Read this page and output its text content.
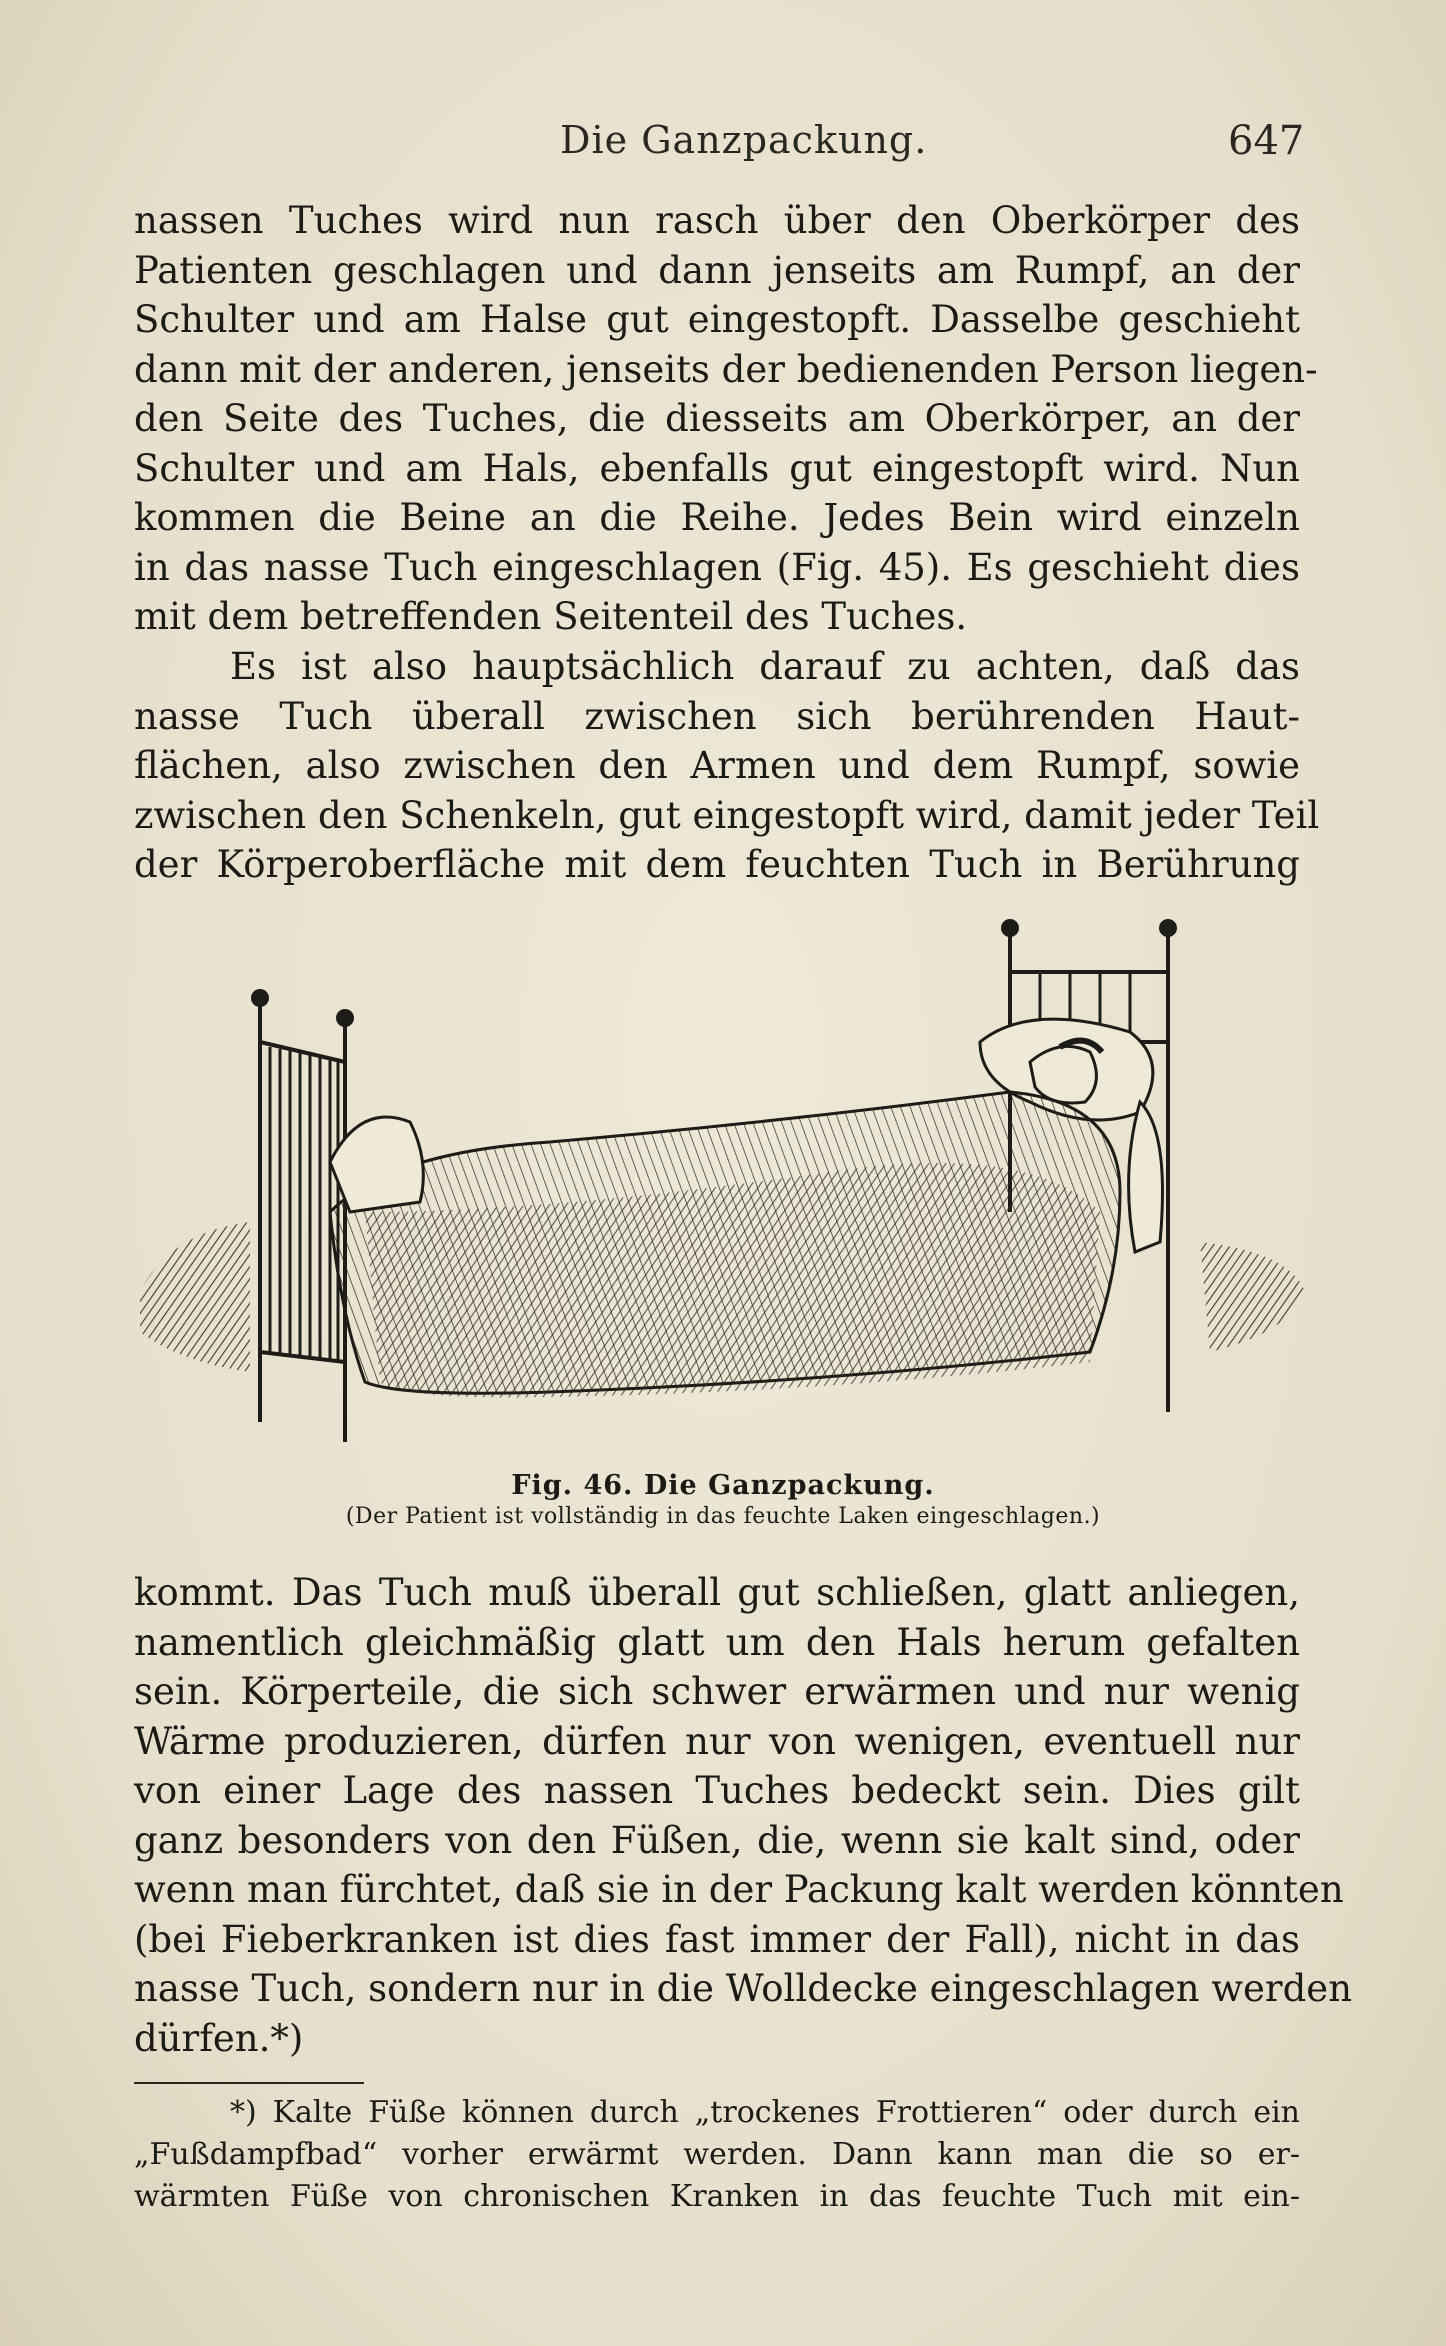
Die Ganzpackung.	647
nassen Tuches wird nun rasch über den Oberkörper des
Patienten geschlagen und dann jenseits am Rumpf, an der
Schulter und am Halse gut eingestopft. Dasselbe geschieht
dann mit der anderen, jenseits der bedienenden Person liegen-
den Seite des Tuches, die diesseits am Oberkörper, an der
Schulter und am Hals, ebenfalls gut eingestopft wird. Nun
kommen die Beine an die Reihe. Jedes Bein wird einzeln
in das nasse Tuch eingeschlagen (Fig. 45). Es geschieht dies
mit dem betreffenden Seitenteil des Tuches.
Es ist also hauptsächlich darauf zu achten, daß das
nasse Tuch überall zwischen sich berührenden Haut-
flächen, also zwischen den Armen und dem Rumpf, sowie
zwischen den Schenkeln, gut eingestopft wird, damit jeder Teil
der Körperoberfläche mit dem feuchten Tuch in Berührung
Fig. 46. Die Ganzpackung.
(Der Patient ist vollständig in das feuchte Laken eingeschlagen.)
kommt. Das Tuch muß überall gut schließen, glatt anliegen,
namentlich gleichmäßig glatt um den Hals herum gefalten
sein. Körperteile, die sich schwer erwärmen und nur wenig
Wärme produzieren, dürfen nur von wenigen, eventuell nur
von einer Lage des nassen Tuches bedeckt sein. Dies gilt
ganz besonders von den Füßen, die, wenn sie kalt sind, oder
wenn man fürchtet, daß sie in der Packung kalt werden könnten
(bei Fieberkranken ist dies fast immer der Fall), nicht in das
nasse Tuch, sondern nur in die Wolldecke eingeschlagen werden
dürfen.*)
*) Kalte Füße können durch „trockenes Frottieren“ oder durch ein
„Fußdampfbad“ vorher erwärmt werden. Dann kann man die so er-
wärmten Füße von chronischen Kranken in das feuchte Tuch mit ein-
